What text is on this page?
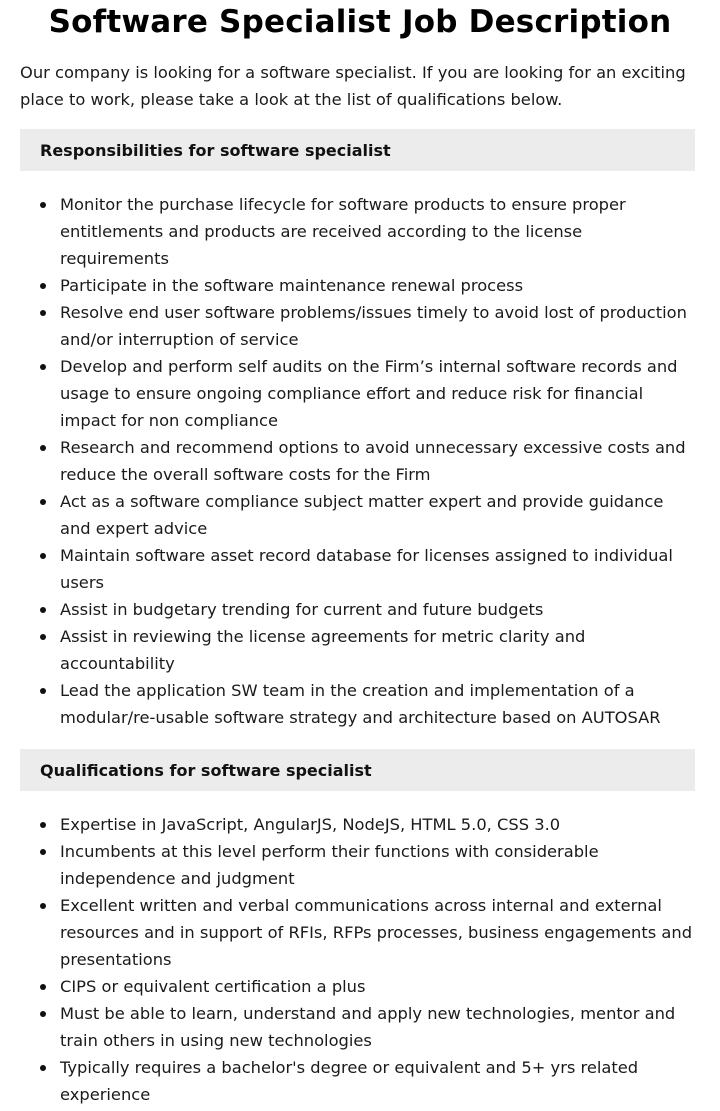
Software Specialist Job Description

Our company is looking for a software specialist. If you are looking for an exciting place to work, please take a look at the list of qualifications below.

Responsibilities for software specialist
Monitor the purchase lifecycle for software products to ensure proper entitlements and products are received according to the license requirements
Participate in the software maintenance renewal process
Resolve end user software problems/issues timely to avoid lost of production and/or interruption of service
Develop and perform self audits on the Firm’s internal software records and usage to ensure ongoing compliance effort and reduce risk for financial impact for non compliance
Research and recommend options to avoid unnecessary excessive costs and reduce the overall software costs for the Firm
Act as a software compliance subject matter expert and provide guidance and expert advice
Maintain software asset record database for licenses assigned to individual users
Assist in budgetary trending for current and future budgets
Assist in reviewing the license agreements for metric clarity and accountability
Lead the application SW team in the creation and implementation of a modular/re-usable software strategy and architecture based on AUTOSAR
Qualifications for software specialist
Expertise in JavaScript, AngularJS, NodeJS, HTML 5.0, CSS 3.0
Incumbents at this level perform their functions with considerable independence and judgment
Excellent written and verbal communications across internal and external resources and in support of RFIs, RFPs processes, business engagements and presentations
CIPS or equivalent certification a plus
Must be able to learn, understand and apply new technologies, mentor and train others in using new technologies
Typically requires a bachelor's degree or equivalent and 5+ yrs related experience
